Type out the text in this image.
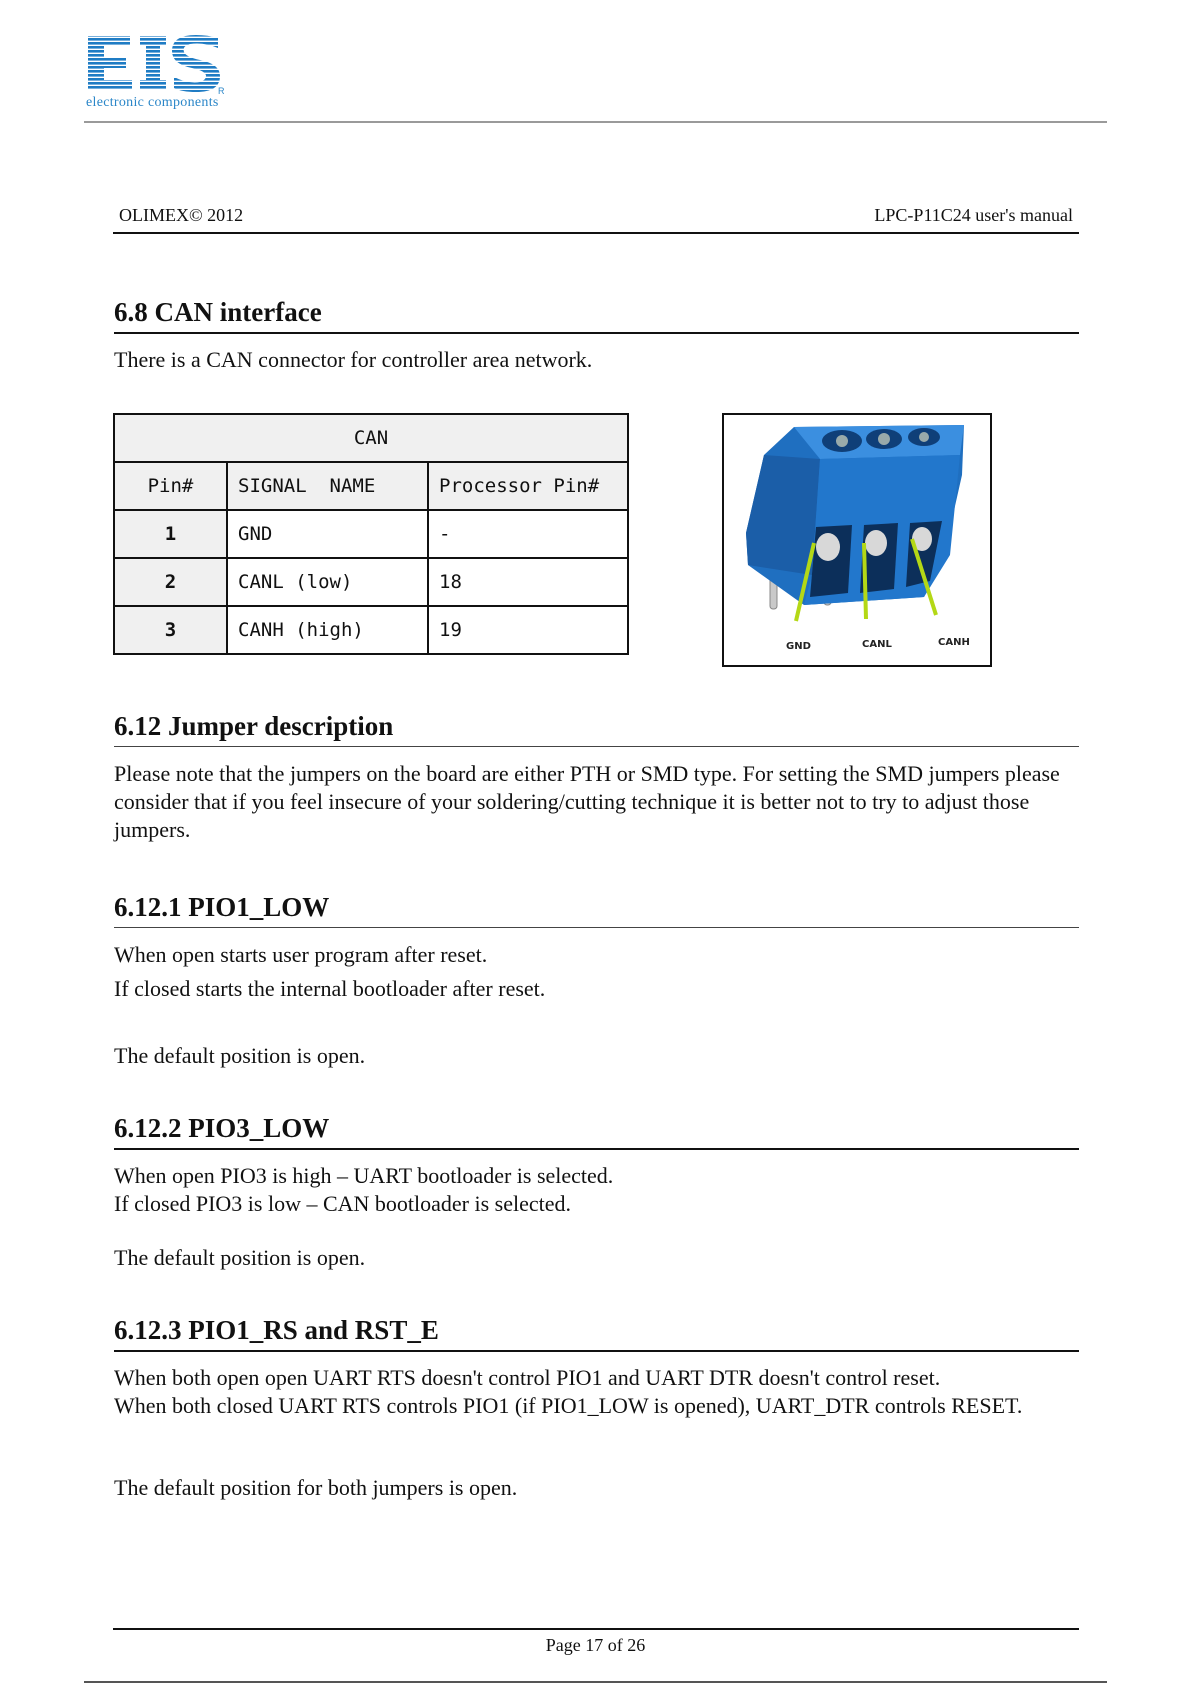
electronic components
R
OLIMEX© 2012	LPC-P11C24 user's manual
6.8 CAN interface

There is a CAN connector for controller area network.

CAN		
Pin#	SIGNAL  NAME	Processor Pin#
1	GND	-
2	CANL (low)	18
3	CANH (high)	19
GND	CANL	CANH
6.12 Jumper description

Please note that the jumpers on the board are either PTH or SMD type. For setting the SMD jumpers please consider that if you feel insecure of your soldering/cutting technique it is better not to try to adjust those jumpers.

6.12.1 PIO1_LOW

When open starts user program after reset.

If closed starts the internal bootloader after reset.

The default position is open.

6.12.2 PIO3_LOW

When open PIO3 is high – UART bootloader is selected.

If closed PIO3 is low – CAN bootloader is selected.

The default position is open.

6.12.3 PIO1_RS and RST_E

When both open open UART RTS doesn't control PIO1 and UART DTR doesn't control reset.

When both closed UART RTS controls PIO1 (if PIO1_LOW is opened), UART_DTR controls RESET.

The default position for both jumpers is open.

Page 17 of 26
